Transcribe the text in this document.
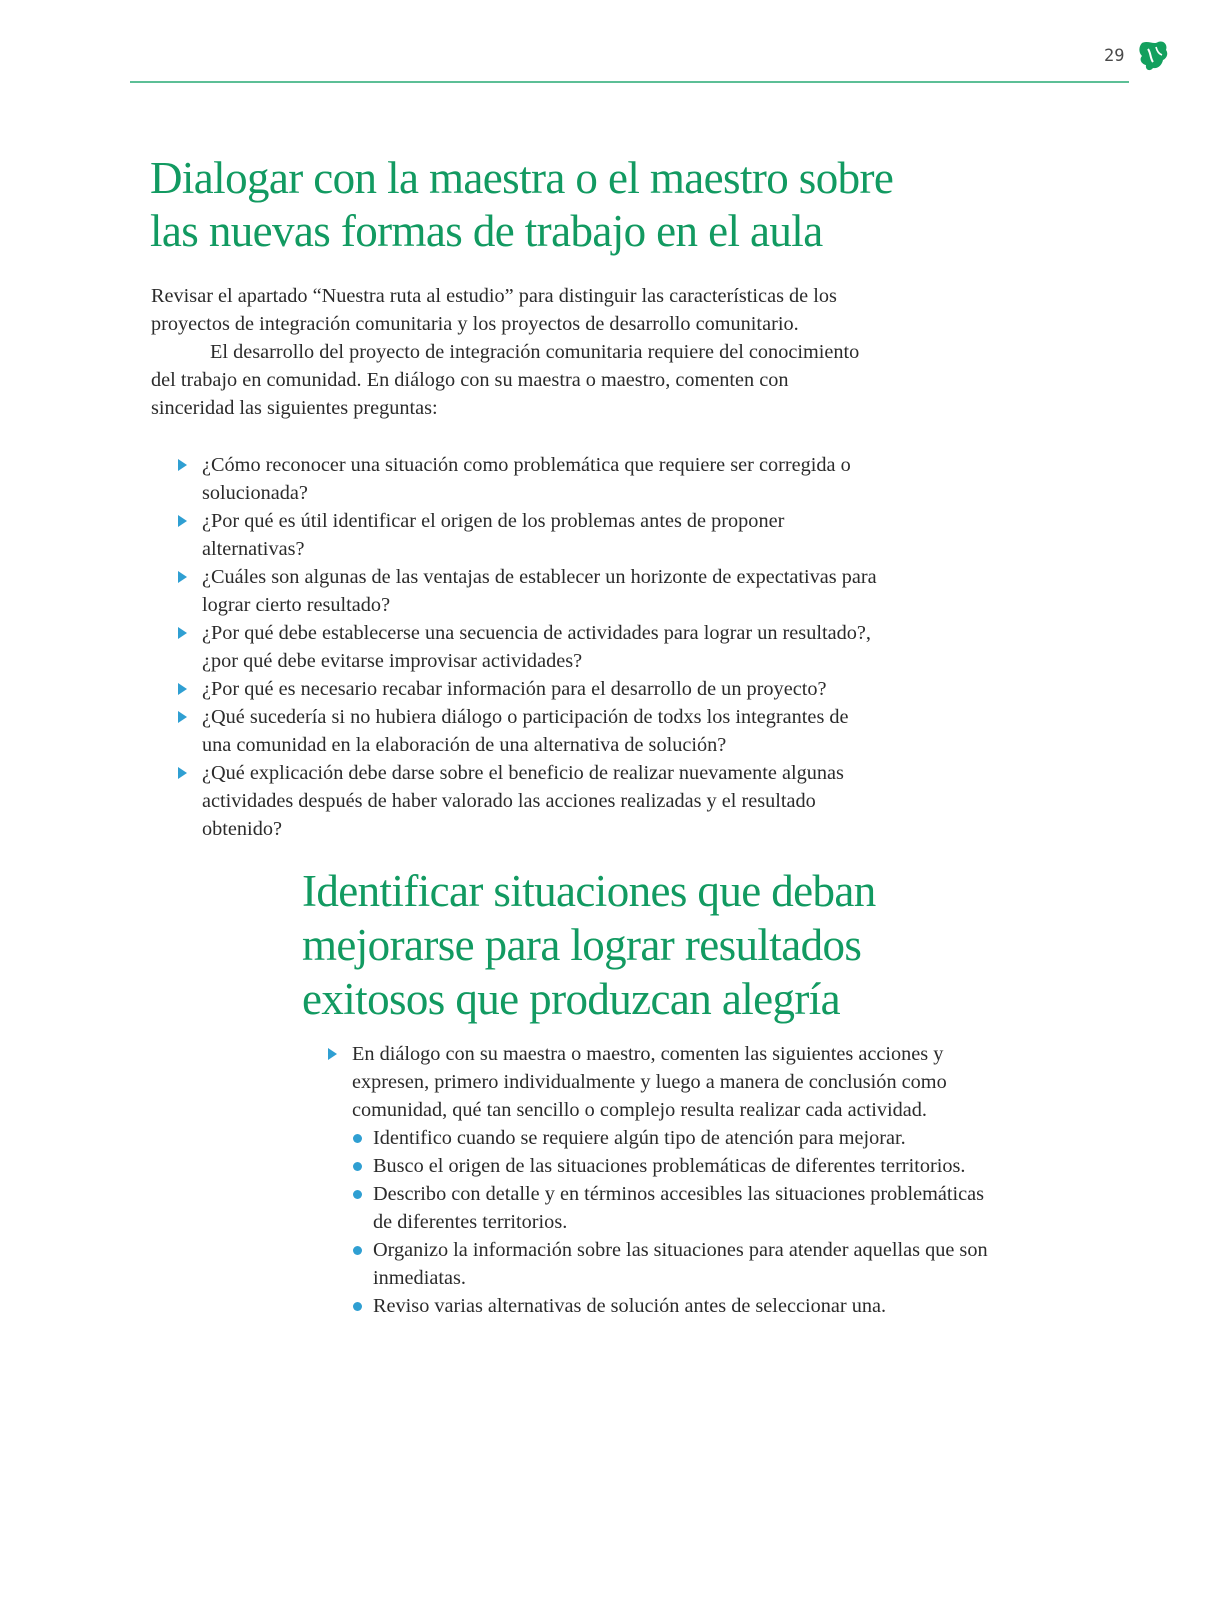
29
Dialogar con la maestra o el maestro sobre
las nuevas formas de trabajo en el aula

Revisar el apartado “Nuestra ruta al estudio” para distinguir las características de los proyectos de integración comunitaria y los proyectos de desarrollo comunitario.

El desarrollo del proyecto de integración comunitaria requiere del conocimiento del trabajo en comunidad. En diálogo con su maestra o maestro, comenten con sinceridad las siguientes preguntas:

¿Cómo reconocer una situación como problemática que requiere ser corregida o solucionada?
¿Por qué es útil identificar el origen de los problemas antes de proponer alternativas?
¿Cuáles son algunas de las ventajas de establecer un horizonte de expectativas para lograr cierto resultado?
¿Por qué debe establecerse una secuencia de actividades para lograr un resultado?, ¿por qué debe evitarse improvisar actividades?
¿Por qué es necesario recabar información para el desarrollo de un proyecto?
¿Qué sucedería si no hubiera diálogo o participación de todxs los integrantes de una comunidad en la elaboración de una alternativa de solución?
¿Qué explicación debe darse sobre el beneficio de realizar nuevamente algunas actividades después de haber valorado las acciones realizadas y el resultado obtenido?
Identificar situaciones que deban
mejorarse para lograr resultados
exitosos que produzcan alegría
En diálogo con su maestra o maestro, comenten las siguientes acciones y expresen, primero individualmente y luego a manera de conclusión como comunidad, qué tan sencillo o complejo resulta realizar cada actividad.
Identifico cuando se requiere algún tipo de atención para mejorar.
Busco el origen de las situaciones problemáticas de diferentes territorios.
Describo con detalle y en términos accesibles las situaciones problemáticas de diferentes territorios.
Organizo la información sobre las situaciones para atender aquellas que son inmediatas.
Reviso varias alternativas de solución antes de seleccionar una.
